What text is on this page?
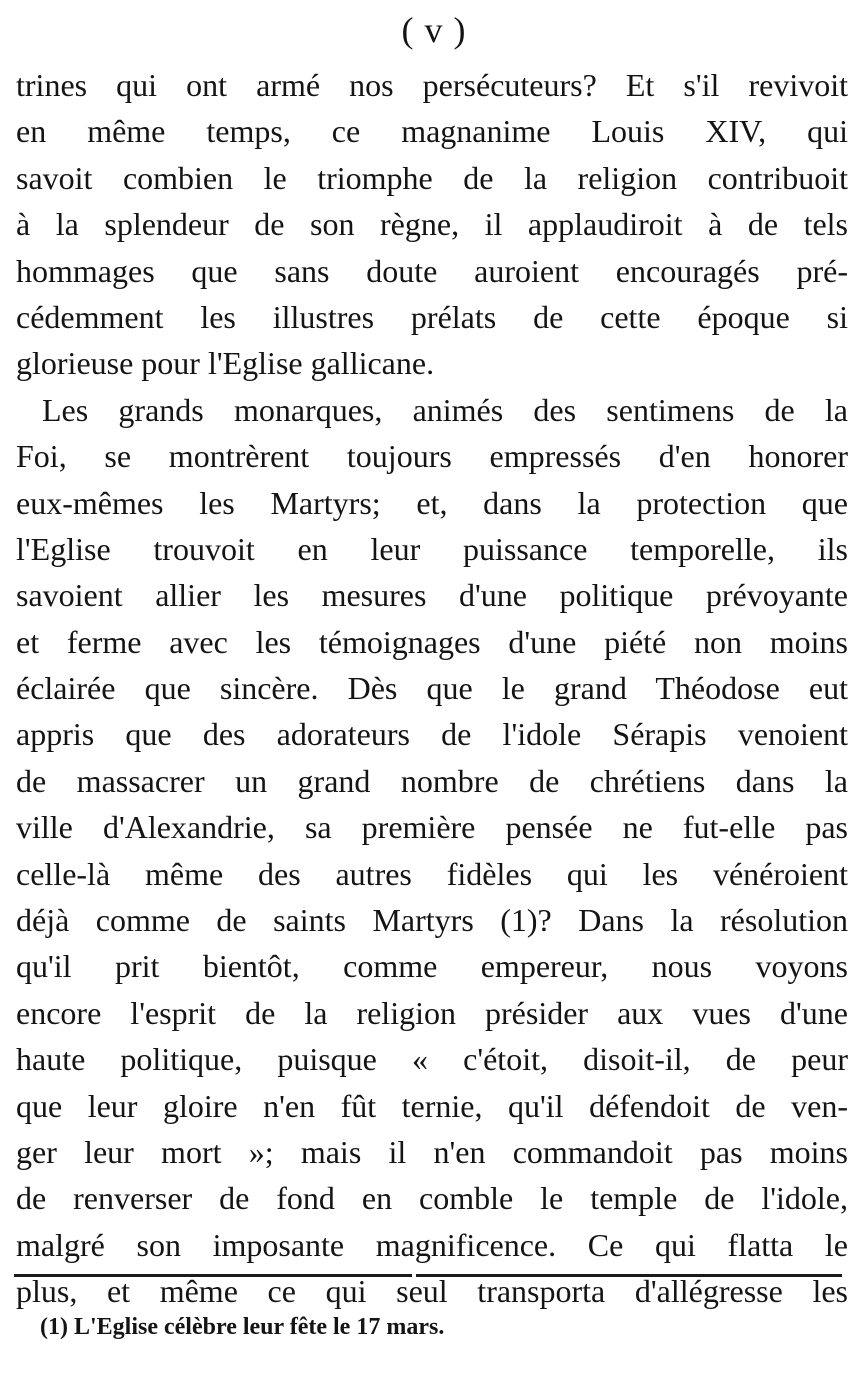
( v )
trines qui ont armé nos persécuteurs? Et s'il revivoit
en même temps, ce magnanime Louis XIV, qui
savoit combien le triomphe de la religion contribuoit
à la splendeur de son règne, il applaudiroit à de tels
hommages que sans doute auroient encouragés pré-
cédemment les illustres prélats de cette époque si
glorieuse pour l'Eglise gallicane.
Les grands monarques, animés des sentimens de la
Foi, se montrèrent toujours empressés d'en honorer
eux-mêmes les Martyrs; et, dans la protection que
l'Eglise trouvoit en leur puissance temporelle, ils
savoient allier les mesures d'une politique prévoyante
et ferme avec les témoignages d'une piété non moins
éclairée que sincère. Dès que le grand Théodose eut
appris que des adorateurs de l'idole Sérapis venoient
de massacrer un grand nombre de chrétiens dans la
ville d'Alexandrie, sa première pensée ne fut-elle pas
celle-là même des autres fidèles qui les vénéroient
déjà comme de saints Martyrs (1)? Dans la résolution
qu'il prit bientôt, comme empereur, nous voyons
encore l'esprit de la religion présider aux vues d'une
haute politique, puisque « c'étoit, disoit-il, de peur
que leur gloire n'en fût ternie, qu'il défendoit de ven-
ger leur mort »; mais il n'en commandoit pas moins
de renverser de fond en comble le temple de l'idole,
malgré son imposante magnificence. Ce qui flatta le
plus, et même ce qui seul transporta d'allégresse les
(1) L'Eglise célèbre leur fête le 17 mars.
